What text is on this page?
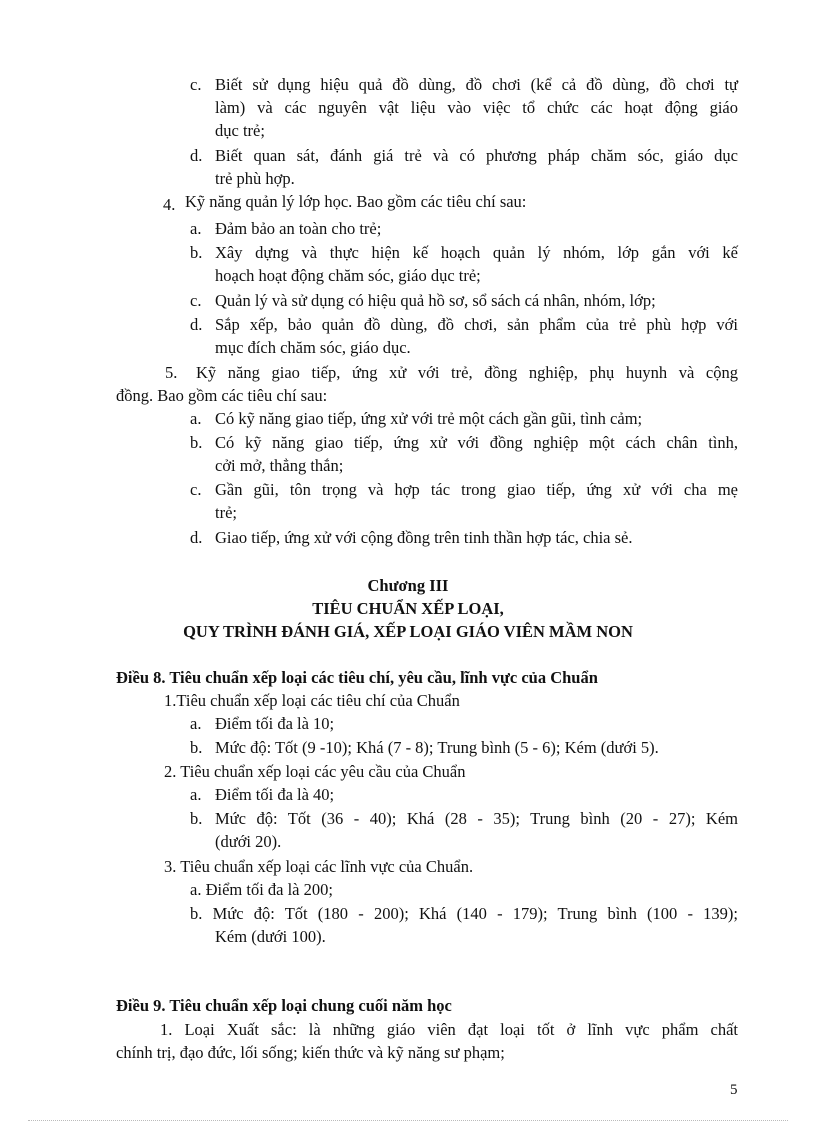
c. Biết sử dụng hiệu quả đồ dùng, đồ chơi (kể cả đồ dùng, đồ chơi tự
làm) và các nguyên vật liệu vào việc tổ chức các hoạt động giáo
dục trẻ;
d. Biết quan sát, đánh giá trẻ và có phương pháp chăm sóc, giáo dục
trẻ phù hợp.
4. Kỹ năng quản lý lớp học. Bao gồm các tiêu chí sau:
a. Đảm bảo an toàn cho trẻ;
b. Xây dựng và thực hiện kế hoạch quản lý nhóm, lớp gắn với kế
hoạch hoạt động chăm sóc, giáo dục trẻ;
c. Quản lý và sử dụng có hiệu quả hồ sơ, sổ sách cá nhân, nhóm, lớp;
d. Sắp xếp, bảo quản đồ dùng, đồ chơi, sản phẩm của trẻ phù hợp với
mục đích chăm sóc, giáo dục.
5. Kỹ năng giao tiếp, ứng xử với trẻ, đồng nghiệp, phụ huynh và cộng
đồng. Bao gồm các tiêu chí sau:
a. Có kỹ năng giao tiếp, ứng xử với trẻ một cách gần gũi, tình cảm;
b. Có kỹ năng giao tiếp, ứng xử với đồng nghiệp một cách chân tình,
cởi mở, thẳng thắn;
c. Gần gũi, tôn trọng và hợp tác trong giao tiếp, ứng xử với cha mẹ
trẻ;
d. Giao tiếp, ứng xử với cộng đồng trên tinh thần hợp tác, chia sẻ.
Chương III
TIÊU CHUẨN XẾP LOẠI,
QUY TRÌNH ĐÁNH GIÁ, XẾP LOẠI GIÁO VIÊN MẦM NON
Điều 8. Tiêu chuẩn xếp loại các tiêu chí, yêu cầu, lĩnh vực của Chuẩn
1.Tiêu chuẩn xếp loại các tiêu chí của Chuẩn
a. Điểm tối đa là 10;
b. Mức độ: Tốt (9 -10); Khá (7 - 8); Trung bình (5 - 6); Kém (dưới 5).
2. Tiêu chuẩn xếp loại các yêu cầu của Chuẩn
a. Điểm tối đa là 40;
b. Mức độ: Tốt (36 - 40); Khá (28 - 35); Trung bình (20 - 27); Kém
(dưới 20).
3. Tiêu chuẩn xếp loại các lĩnh vực của Chuẩn.
a. Điểm tối đa là 200;
b. Mức độ: Tốt (180 - 200); Khá (140 - 179); Trung bình (100 - 139);
Kém (dưới 100).
Điều 9. Tiêu chuẩn xếp loại chung cuối năm học
1. Loại Xuất sắc: là những giáo viên đạt loại tốt ở lĩnh vực phẩm chất
chính trị, đạo đức, lối sống; kiến thức và kỹ năng sư phạm;
5
